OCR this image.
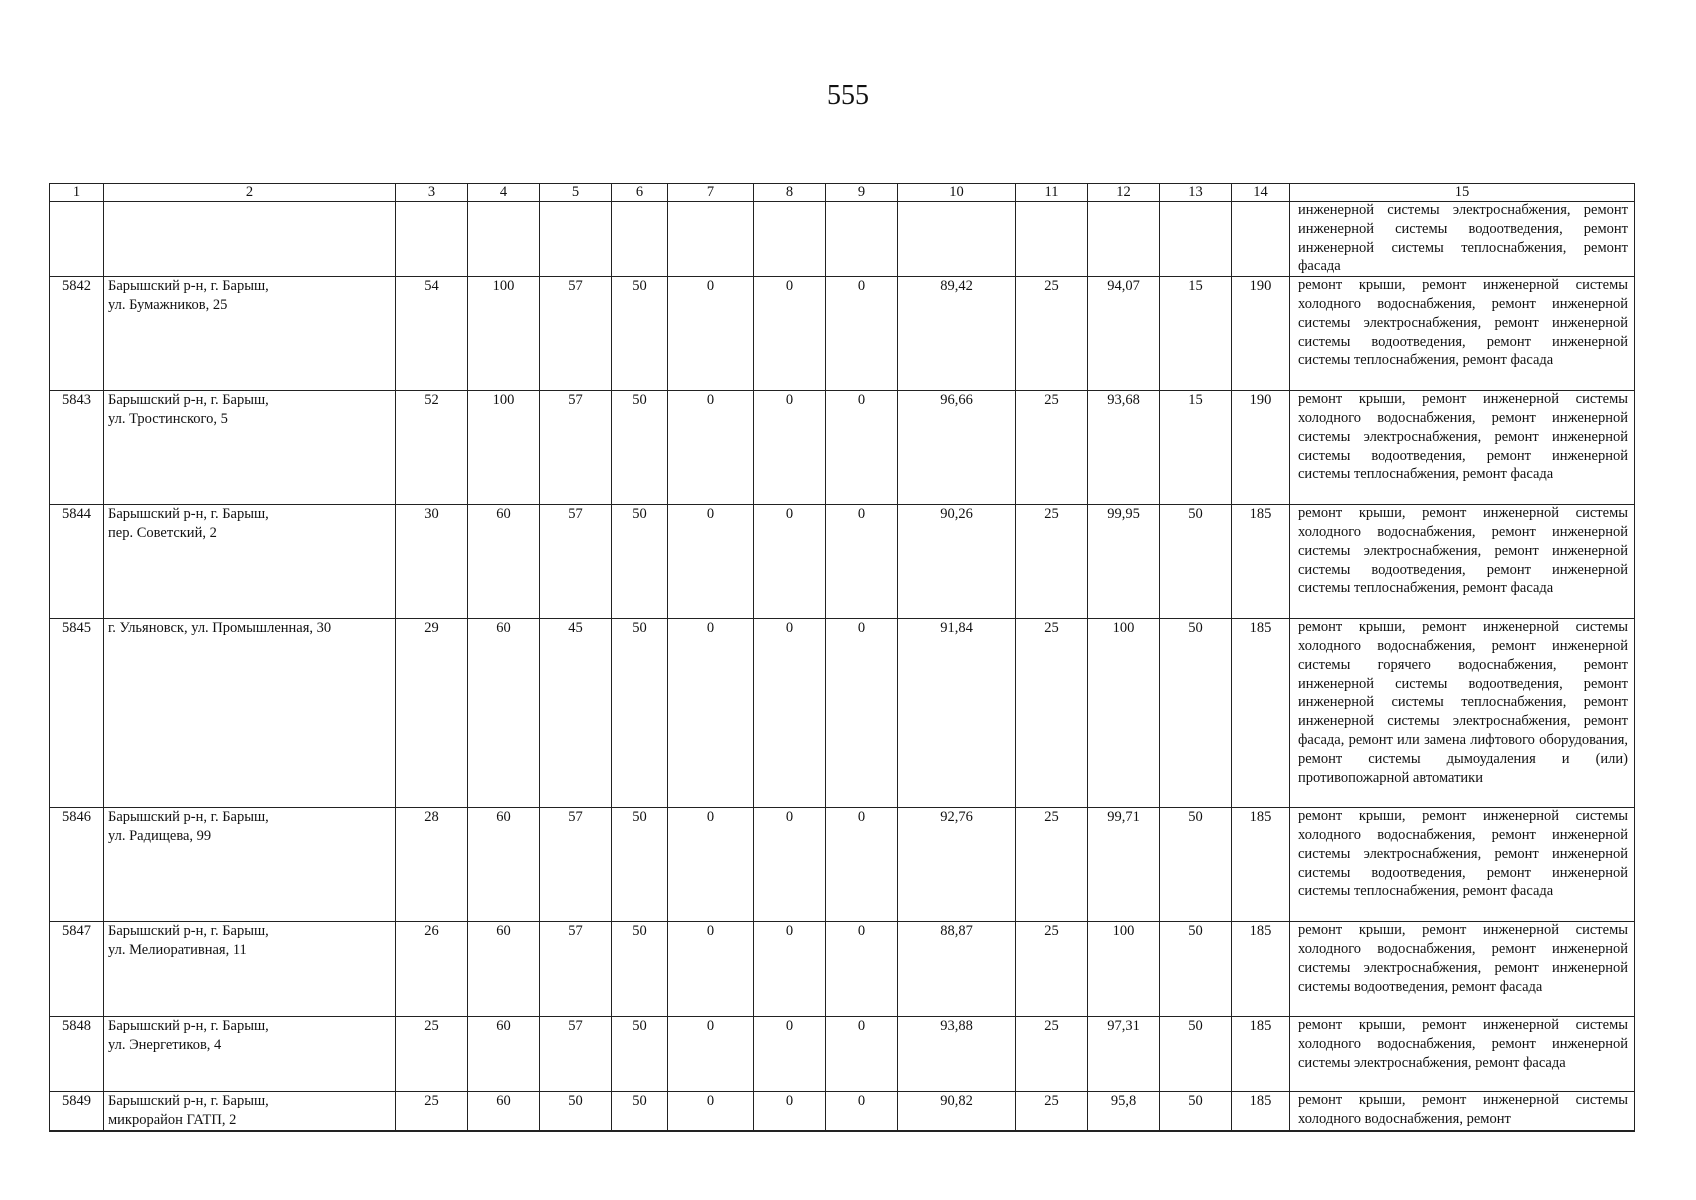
555
1	2	3	4	5	6	7	8	9	10	11	12	13	14	15

														инженерной системы электроснабжения, ремонт инженерной системы водоотведения, ремонт инженерной системы теплоснабжения, ремонт фасада

5842	Барышский р-н, г. Барыш,
ул. Бумажников, 25	54	100	57	50	0	0	0	89,42	25	94,07	15	190	ремонт крыши, ремонт инженерной системы холодного водоснабжения, ремонт инженерной системы электроснабжения, ремонт инженерной системы водоотведения, ремонт инженерной системы теплоснабжения, ремонт фасада

5843	Барышский р-н, г. Барыш,
ул. Тростинского, 5	52	100	57	50	0	0	0	96,66	25	93,68	15	190	ремонт крыши, ремонт инженерной системы холодного водоснабжения, ремонт инженерной системы электроснабжения, ремонт инженерной системы водоотведения, ремонт инженерной системы теплоснабжения, ремонт фасада

5844	Барышский р-н, г. Барыш,
пер. Советский, 2	30	60	57	50	0	0	0	90,26	25	99,95	50	185	ремонт крыши, ремонт инженерной системы холодного водоснабжения, ремонт инженерной системы электроснабжения, ремонт инженерной системы водоотведения, ремонт инженерной системы теплоснабжения, ремонт фасада

5845	г. Ульяновск, ул. Промышленная, 30	29	60	45	50	0	0	0	91,84	25	100	50	185	ремонт крыши, ремонт инженерной системы холодного водоснабжения, ремонт инженерной системы горячего водоснабжения, ремонт инженерной системы водоотведения, ремонт инженерной системы теплоснабжения, ремонт инженерной системы электроснабжения, ремонт фасада, ремонт или замена лифтового оборудования, ремонт системы дымоудаления и (или) противопожарной автоматики

5846	Барышский р-н, г. Барыш,
ул. Радищева, 99	28	60	57	50	0	0	0	92,76	25	99,71	50	185	ремонт крыши, ремонт инженерной системы холодного водоснабжения, ремонт инженерной системы электроснабжения, ремонт инженерной системы водоотведения, ремонт инженерной системы теплоснабжения, ремонт фасада

5847	Барышский р-н, г. Барыш,
ул. Мелиоративная, 11	26	60	57	50	0	0	0	88,87	25	100	50	185	ремонт крыши, ремонт инженерной системы холодного водоснабжения, ремонт инженерной системы электроснабжения, ремонт инженерной системы водоотведения, ремонт фасада

5848	Барышский р-н, г. Барыш,
ул. Энергетиков, 4	25	60	57	50	0	0	0	93,88	25	97,31	50	185	ремонт крыши, ремонт инженерной системы холодного водоснабжения, ремонт инженерной системы электроснабжения, ремонт фасада

5849	Барышский р-н, г. Барыш,
микрорайон ГАТП, 2	25	60	50	50	0	0	0	90,82	25	95,8	50	185	ремонт крыши, ремонт инженерной системы холодного водоснабжения, ремонт
